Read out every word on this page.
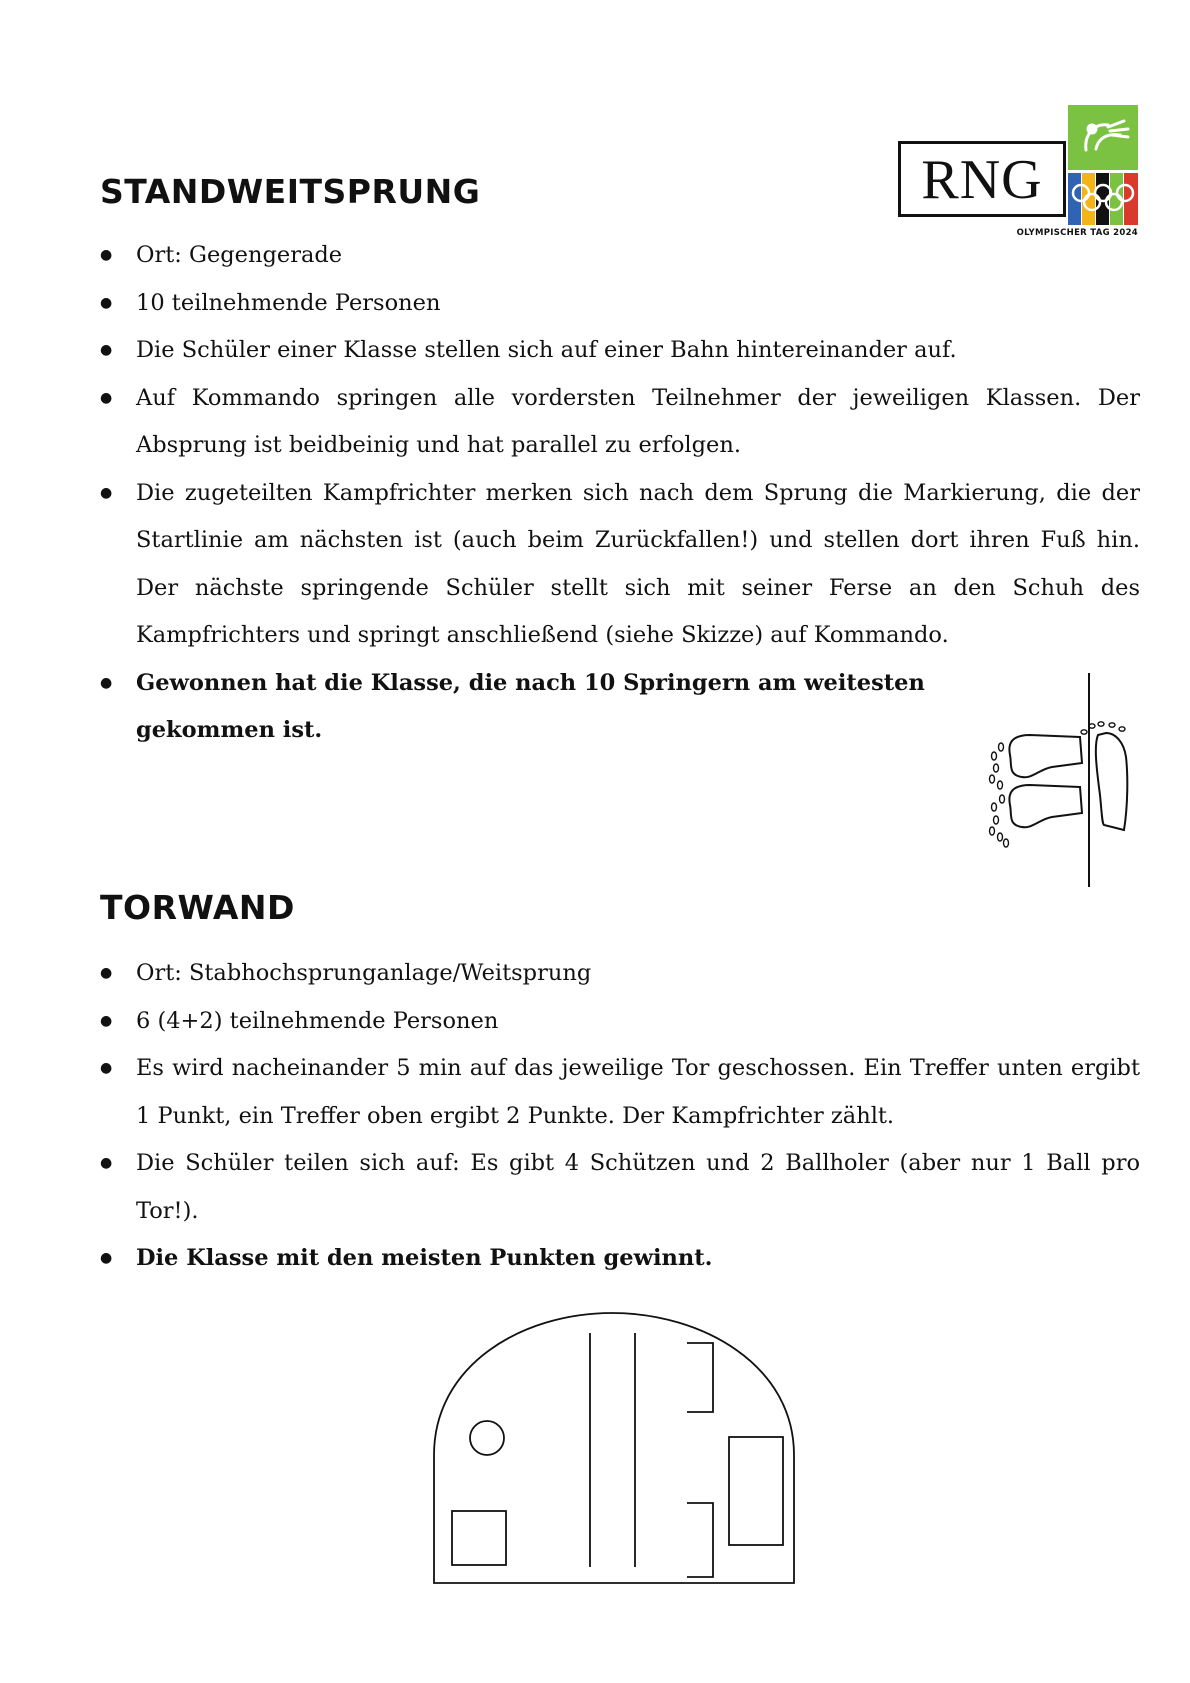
RNG
OLYMPISCHER TAG 2024
STANDWEITSPRUNG
● Ort: Gegengerade
● 10 teilnehmende Personen
● Die Schüler einer Klasse stellen sich auf einer Bahn hintereinander auf.
● Auf Kommando springen alle vordersten Teilnehmer der jeweiligen Klassen. Der Absprung ist beidbeinig und hat parallel zu erfolgen.
● Die zugeteilten Kampfrichter merken sich nach dem Sprung die Markierung, die der Startlinie am nächsten ist (auch beim Zurückfallen!) und stellen dort ihren Fuß hin. Der nächste springende Schüler stellt sich mit seiner Ferse an den Schuh des Kampfrichters und springt anschließend (siehe Skizze) auf Kommando.
● Gewonnen hat die Klasse, die nach 10 Springern am weitesten gekommen ist.
TORWAND
● Ort: Stabhochsprunganlage/Weitsprung
● 6 (4+2) teilnehmende Personen
● Es wird nacheinander 5 min auf das jeweilige Tor geschossen. Ein Treffer unten ergibt 1 Punkt, ein Treffer oben ergibt 2 Punkte. Der Kampfrichter zählt.
● Die Schüler teilen sich auf: Es gibt 4 Schützen und 2 Ballholer (aber nur 1 Ball pro Tor!).
● Die Klasse mit den meisten Punkten gewinnt.
